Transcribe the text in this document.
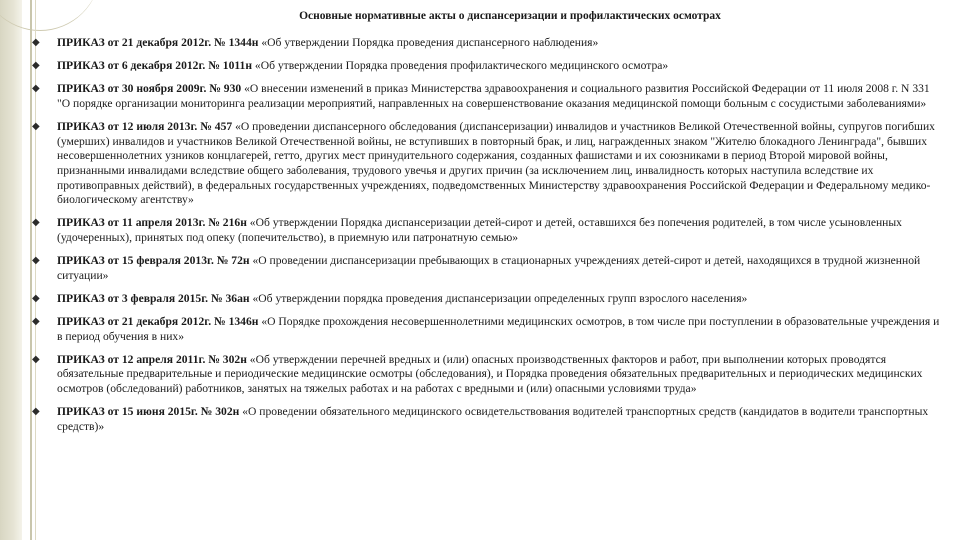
Основные нормативные акты о диспансеризации и профилактических осмотрах
◆ ПРИКАЗ от 21 декабря 2012г. № 1344н «Об утверждении Порядка проведения диспансерного наблюдения»
◆ ПРИКАЗ от 6 декабря 2012г. № 1011н «Об утверждении Порядка проведения профилактического медицинского осмотра»
◆ ПРИКАЗ от 30 ноября 2009г. № 930 «О внесении изменений в приказ Министерства здравоохранения и социального развития Российской Федерации от 11 июля 2008 г. N 331 "О порядке организации мониторинга реализации мероприятий, направленных на совершенствование оказания медицинской помощи больным с сосудистыми заболеваниями»
◆ ПРИКАЗ от 12 июля 2013г. № 457 «О проведении диспансерного обследования (диспансеризации) инвалидов и участников Великой Отечественной войны, супругов погибших (умерших) инвалидов и участников Великой Отечественной войны, не вступивших в повторный брак, и лиц, награжденных знаком "Жителю блокадного Ленинграда", бывших несовершеннолетних узников концлагерей, гетто, других мест принудительного содержания, созданных фашистами и их союзниками в период Второй мировой войны, признанными инвалидами вследствие общего заболевания, трудового увечья и других причин (за исключением лиц, инвалидность которых наступила вследствие их противоправных действий), в федеральных государственных учреждениях, подведомственных Министерству здравоохранения Российской Федерации и Федеральному медико-биологическому агентству»
◆ ПРИКАЗ от 11 апреля 2013г. № 216н «Об утверждении Порядка диспансеризации детей-сирот и детей, оставшихся без попечения родителей, в том числе усыновленных (удочеренных), принятых под опеку (попечительство), в приемную или патронатную семью»
◆ ПРИКАЗ от 15 февраля 2013г. № 72н «О проведении диспансеризации пребывающих в стационарных учреждениях детей-сирот и детей, находящихся в трудной жизненной ситуации»
◆ ПРИКАЗ от 3 февраля 2015г. № 36ан «Об утверждении порядка проведения диспансеризации определенных групп взрослого населения»
◆ ПРИКАЗ от 21 декабря 2012г. № 1346н «О Порядке прохождения несовершеннолетними медицинских осмотров, в том числе при поступлении в образовательные учреждения и в период обучения в них»
◆ ПРИКАЗ от 12 апреля 2011г. № 302н «Об утверждении перечней вредных и (или) опасных производственных факторов и работ, при выполнении которых проводятся обязательные предварительные и периодические медицинские осмотры (обследования), и Порядка проведения обязательных предварительных и периодических медицинских осмотров (обследований) работников, занятых на тяжелых работах и на работах с вредными и (или) опасными условиями труда»
◆ ПРИКАЗ от 15 июня 2015г. № 302н «О проведении обязательного медицинского освидетельствования водителей транспортных средств (кандидатов в водители транспортных средств)»
